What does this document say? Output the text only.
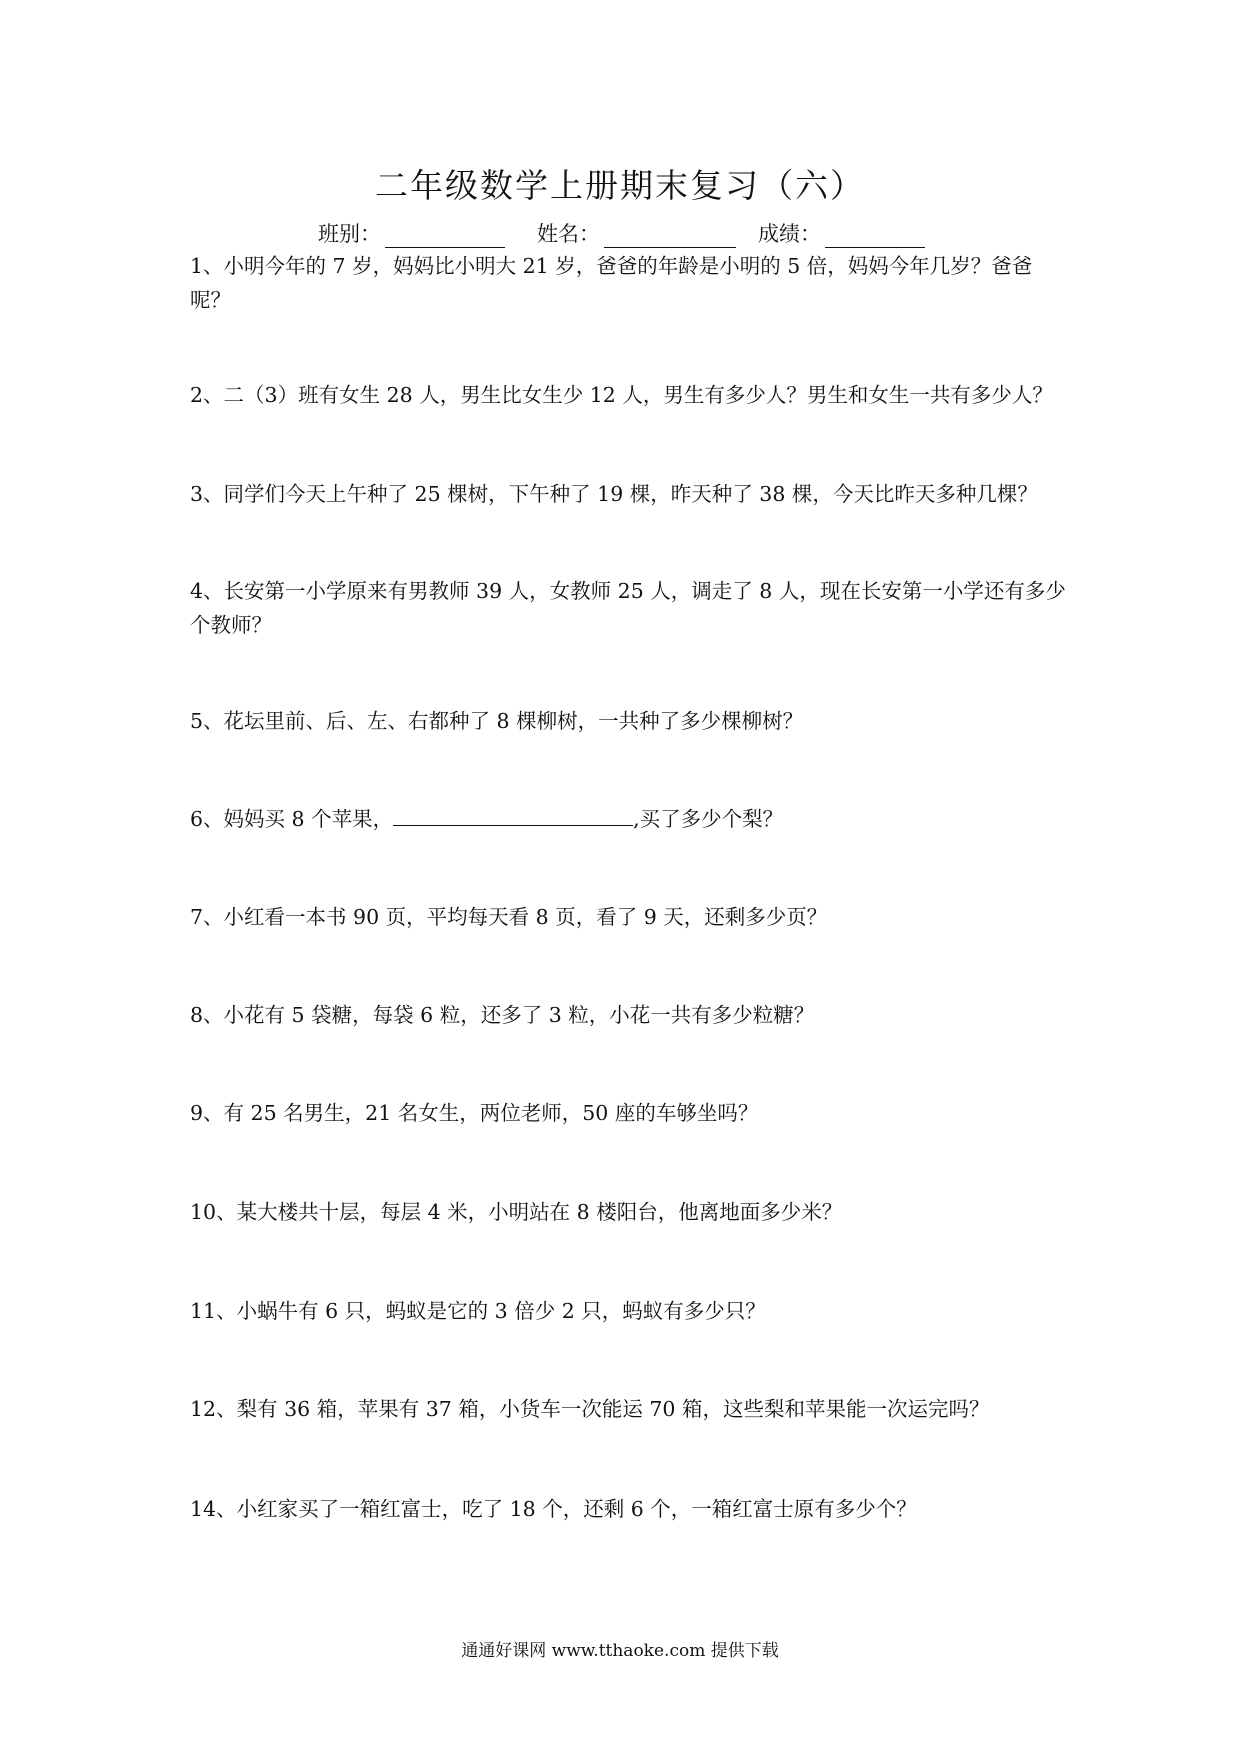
二年级数学上册期末复习（六）
班别：	姓名：	成绩：
1、小明今年的 7 岁，妈妈比小明大 21 岁，爸爸的年龄是小明的 5 倍，妈妈今年几岁？爸爸呢？
2、二（3）班有女生 28 人，男生比女生少 12 人，男生有多少人？男生和女生一共有多少人？
3、同学们今天上午种了 25 棵树，下午种了 19 棵，昨天种了 38 棵，今天比昨天多种几棵？
4、长安第一小学原来有男教师 39 人，女教师 25 人，调走了 8 人，现在长安第一小学还有多少个教师？
5、花坛里前、后、左、右都种了 8 棵柳树，一共种了多少棵柳树？
6、妈妈买 8 个苹果，	,买了多少个梨？
7、小红看一本书 90 页，平均每天看 8 页，看了 9 天，还剩多少页？
8、小花有 5 袋糖，每袋 6 粒，还多了 3 粒，小花一共有多少粒糖？
9、有 25 名男生，21 名女生，两位老师，50 座的车够坐吗？
10、某大楼共十层，每层 4 米，小明站在 8 楼阳台，他离地面多少米？
11、小蜗牛有 6 只，蚂蚁是它的 3 倍少 2 只，蚂蚁有多少只？
12、梨有 36 箱，苹果有 37 箱，小货车一次能运 70 箱，这些梨和苹果能一次运完吗？
14、小红家买了一箱红富士，吃了 18 个，还剩 6 个，一箱红富士原有多少个？
通通好课网 www.tthaoke.com 提供下载
